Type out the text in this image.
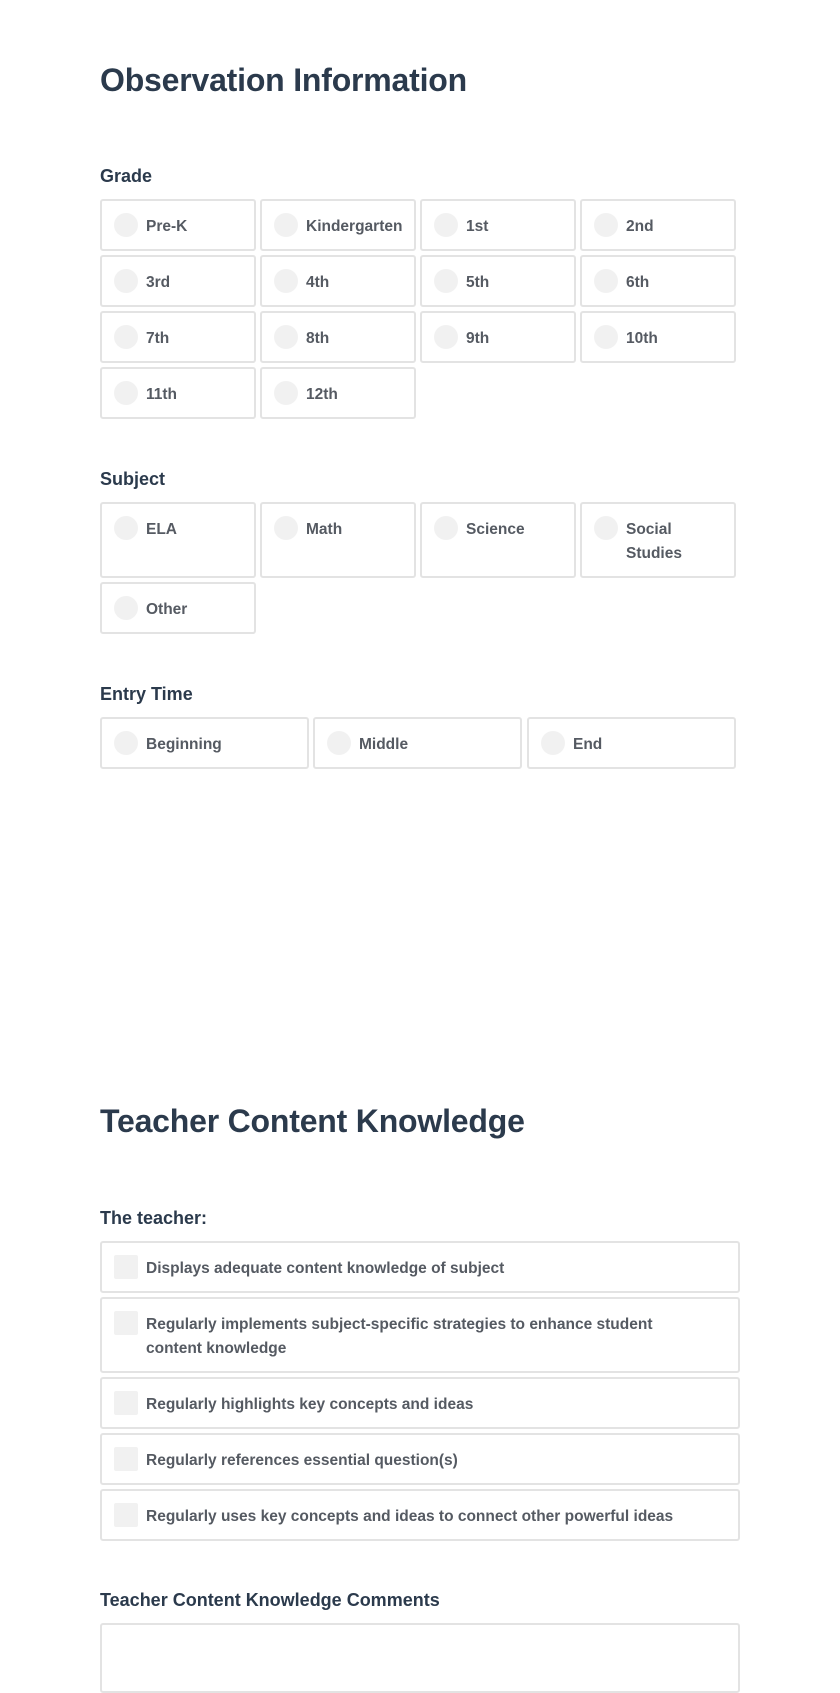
Observation Information
Grade
Pre-K	Kindergarten	1st	2nd
3rd	4th	5th	6th
7th	8th	9th	10th
11th	12th
Subject
ELA	Math	Science	Social Studies
Other
Entry Time
Beginning	Middle	End
Teacher Content Knowledge
The teacher:
Displays adequate content knowledge of subject
Regularly implements subject-specific strategies to enhance student content knowledge
Regularly highlights key concepts and ideas
Regularly references essential question(s)
Regularly uses key concepts and ideas to connect other powerful ideas
Teacher Content Knowledge Comments
